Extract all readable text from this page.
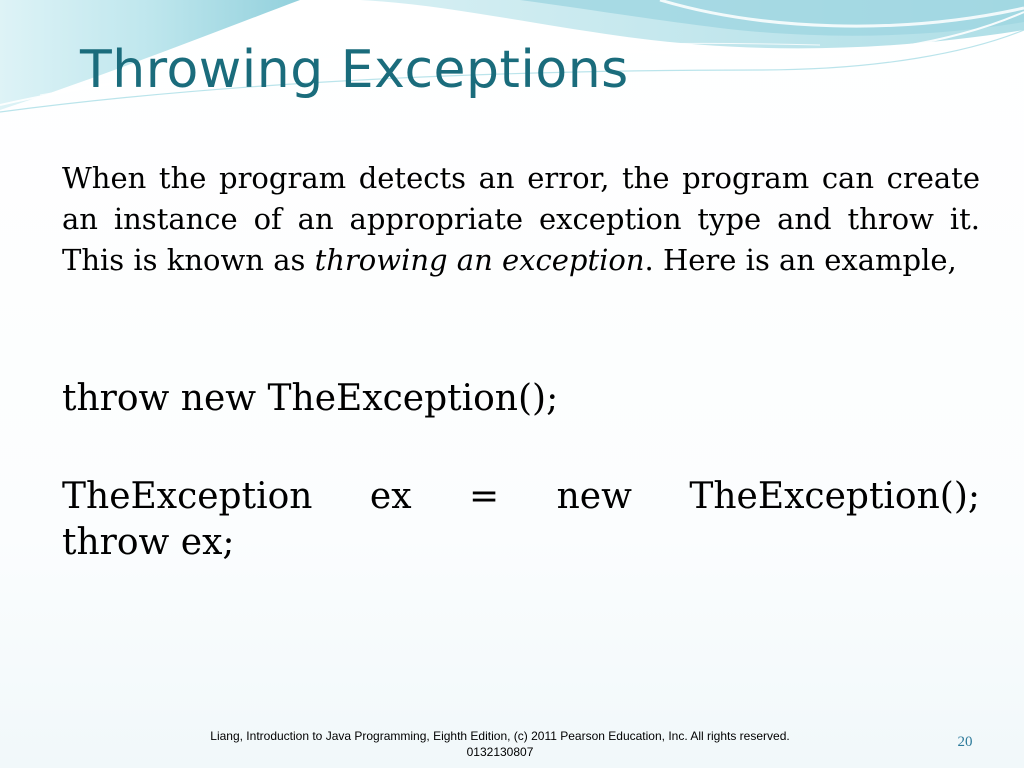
Throwing Exceptions
When the program detects an error, the program can create an instance of an appropriate exception type and throw it. This is known as throwing an exception. Here is an example,
throw new TheException();
TheException ex = new TheException();
throw ex;
Liang, Introduction to Java Programming, Eighth Edition, (c) 2011 Pearson Education, Inc. All rights reserved. 0132130807
20
